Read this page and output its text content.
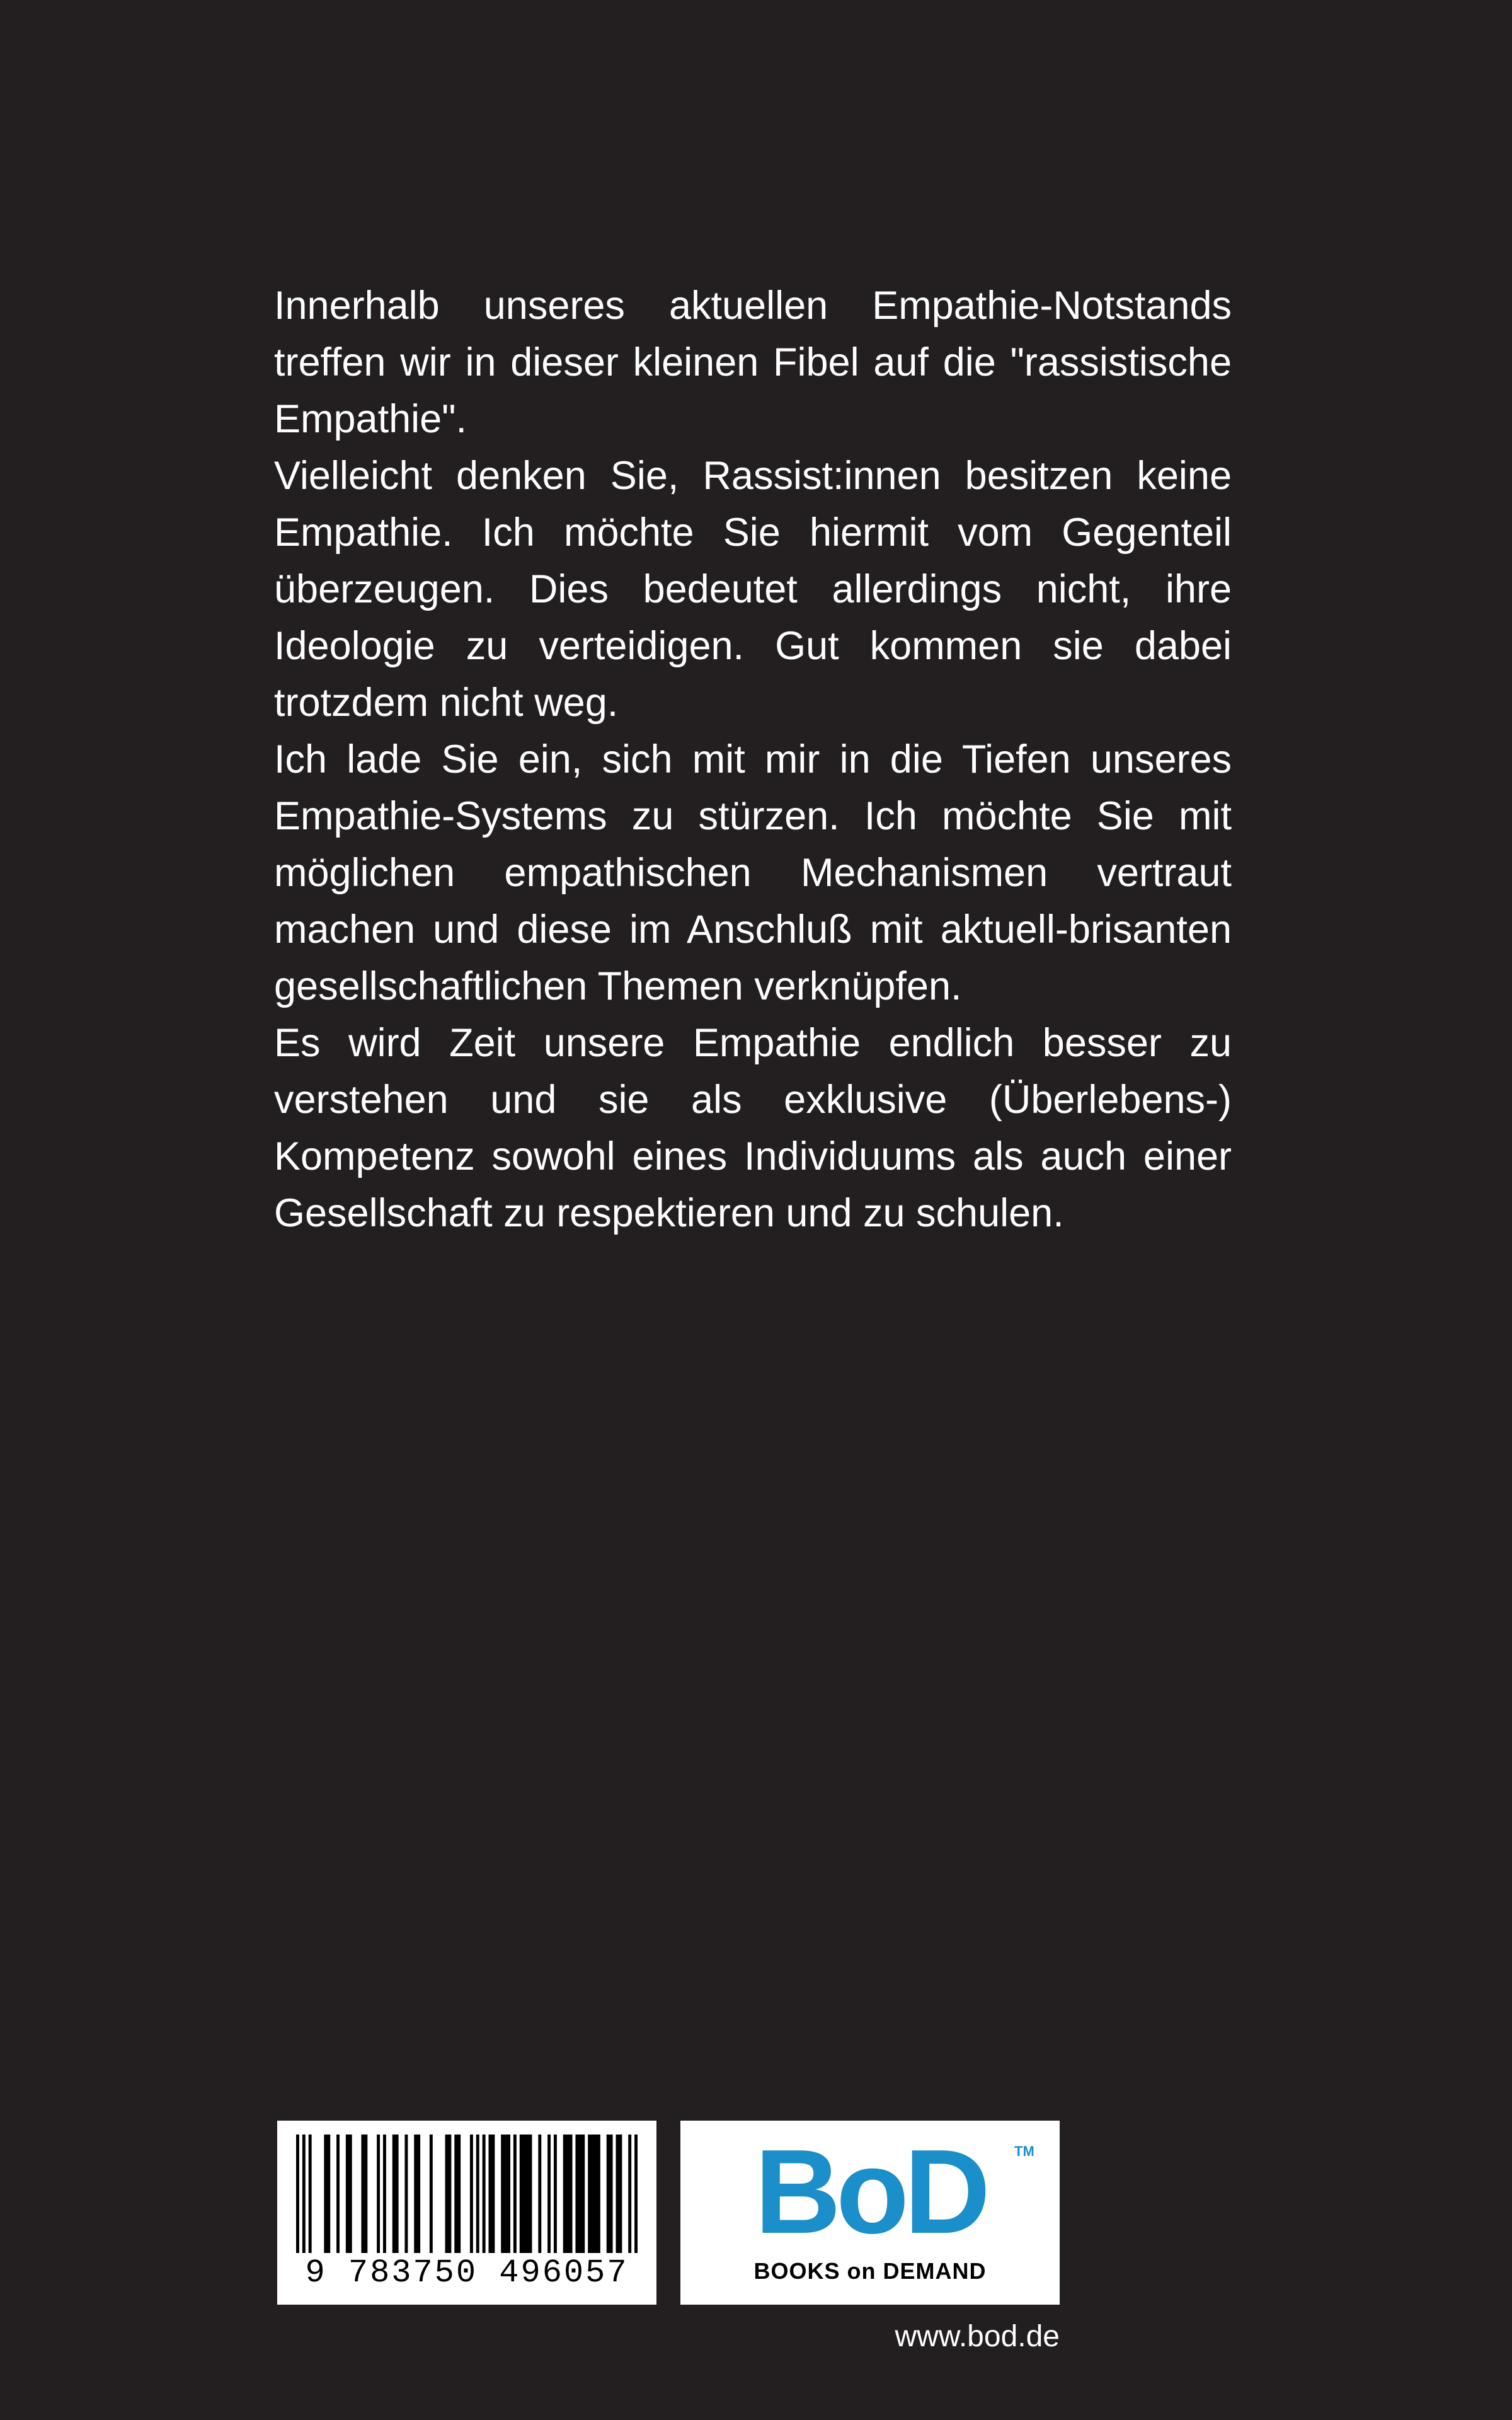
Innerhalb unseres aktuellen Empathie-Notstands treffen wir in dieser kleinen Fibel auf die "rassistische Empathie".

Vielleicht denken Sie, Rassist:innen besitzen keine Empathie. Ich möchte Sie hiermit vom Gegenteil überzeugen. Dies bedeutet allerdings nicht, ihre Ideologie zu verteidigen. Gut kommen sie dabei trotzdem nicht weg.

Ich lade Sie ein, sich mit mir in die Tiefen unseres Empathie-Systems zu stürzen. Ich möchte Sie mit möglichen empathischen Mechanismen vertraut machen und diese im Anschluß mit aktuell-brisanten gesellschaftlichen Themen verknüpfen.

Es wird Zeit unsere Empathie endlich besser zu verstehen und sie als exklusive (Überlebens-) Kompetenz sowohl eines Individuums als auch einer Gesellschaft zu respektieren und zu schulen.

9 783750 496057
BoD	TM
BOOKS on DEMAND
www.bod.de
